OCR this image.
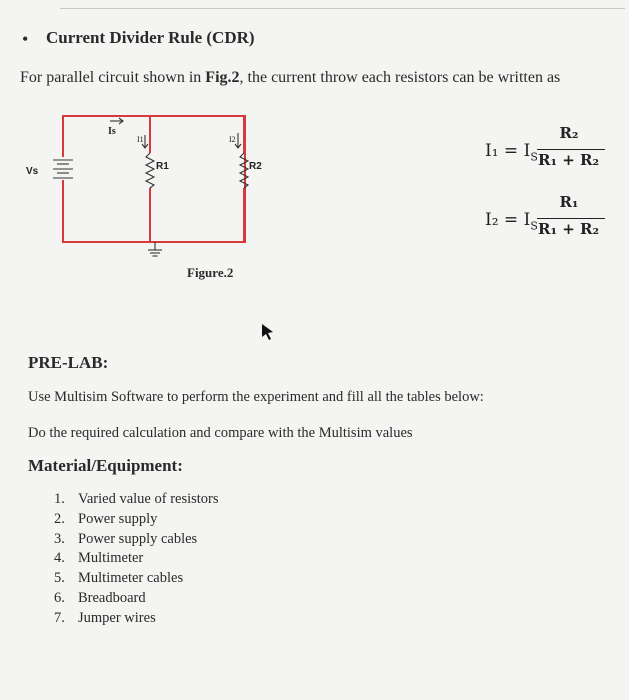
• Current Divider Rule (CDR)
For parallel circuit shown in Fig.2, the current throw each resistors can be written as
Vs
Is
I1	I2
R1	R2
Figure.2
$I_1 = I_S$
R₂
R₁ + R₂
$I_2 = I_S$
R₁
R₁ + R₂
PRE-LAB:
Use Multisim Software to perform the experiment and fill all the tables below:
Do the required calculation and compare with the Multisim values
Material/Equipment:
1. Varied value of resistors
2. Power supply
3. Power supply cables
4. Multimeter
5. Multimeter cables
6. Breadboard
7. Jumper wires
